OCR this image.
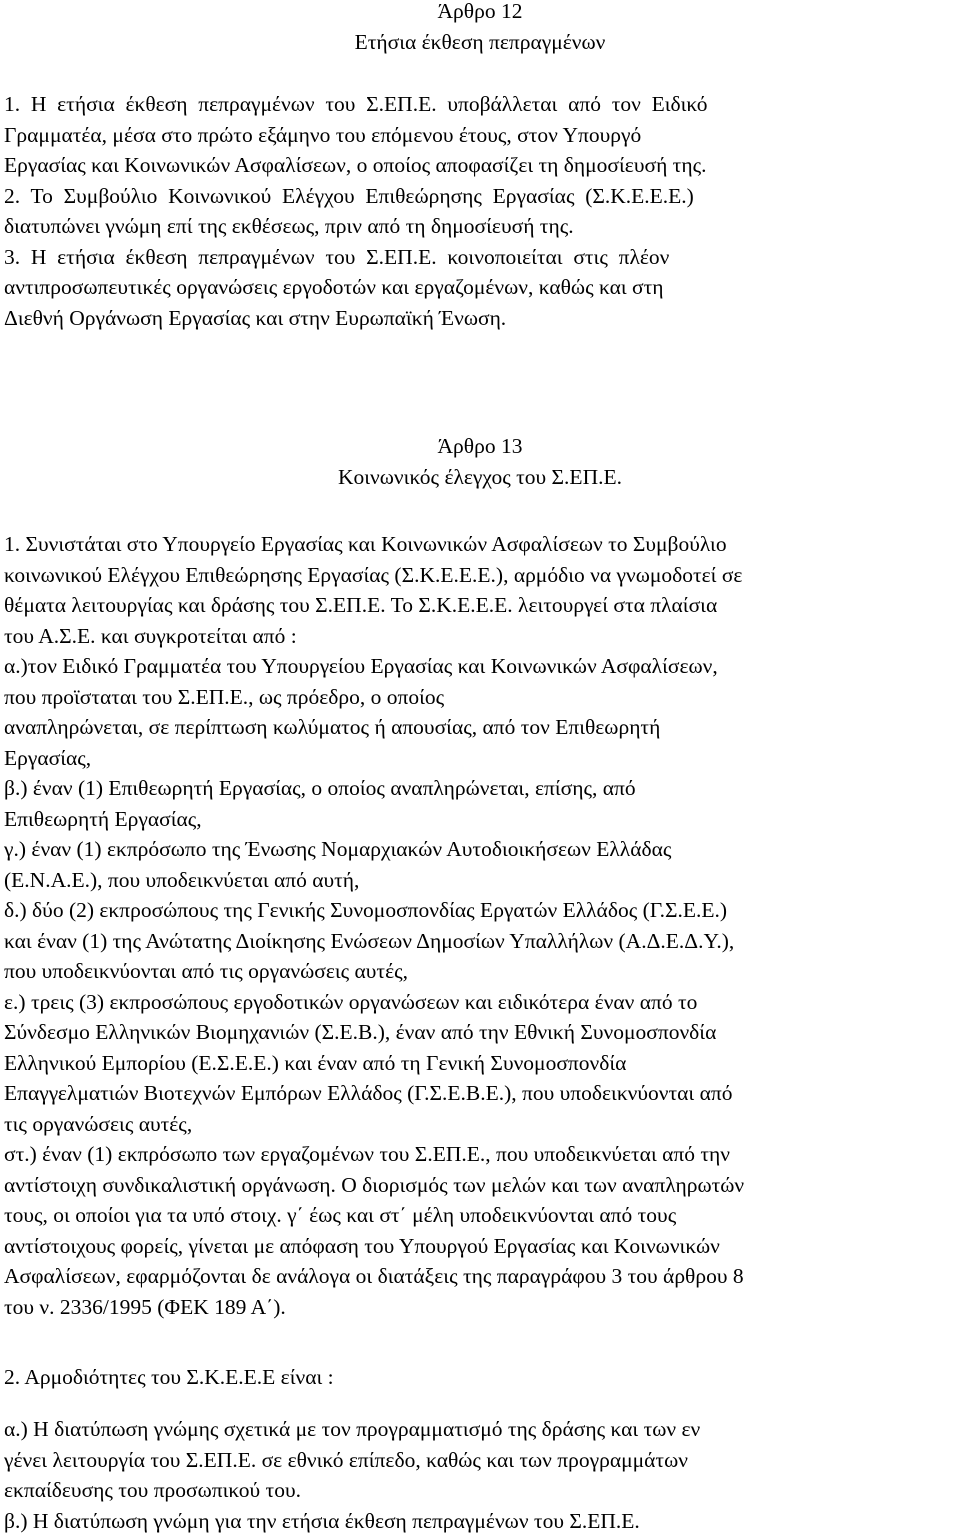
Άρθρο 12

Ετήσια έκθεση πεπραγμένων

1.  Η  ετήσια  έκθεση  πεπραγμένων  του  Σ.ΕΠ.Ε.  υποβάλλεται  από  τον  Ειδικό

Γραμματέα, μέσα στο πρώτο εξάμηνο του επόμενου έτους, στον Υπουργό

Εργασίας και Κοινωνικών Ασφαλίσεων, ο οποίος αποφασίζει τη δημοσίευσή της.

2.  Το  Συμβούλιο  Κοινωνικού  Ελέγχου  Επιθεώρησης  Εργασίας  (Σ.Κ.Ε.Ε.Ε.)

διατυπώνει γνώμη επί της εκθέσεως, πριν από τη δημοσίευσή της.

3.  Η  ετήσια  έκθεση  πεπραγμένων  του  Σ.ΕΠ.Ε.  κοινοποιείται  στις  πλέον

αντιπροσωπευτικές οργανώσεις εργοδοτών και εργαζομένων, καθώς και στη

Διεθνή Οργάνωση Εργασίας και στην Ευρωπαϊκή Ένωση.

Άρθρο 13

Κοινωνικός έλεγχος του Σ.ΕΠ.Ε.

1. Συνιστάται στο Υπουργείο Εργασίας και Κοινωνικών Ασφαλίσεων το Συμβούλιο

κοινωνικού Ελέγχου Επιθεώρησης Εργασίας (Σ.Κ.Ε.Ε.Ε.), αρμόδιο να γνωμοδοτεί σε

θέματα λειτουργίας και δράσης του Σ.ΕΠ.Ε. Το Σ.Κ.Ε.Ε.Ε. λειτουργεί στα πλαίσια

του Α.Σ.Ε. και συγκροτείται από :

α.)τον Ειδικό Γραμματέα του Υπουργείου Εργασίας και Κοινωνικών Ασφαλίσεων,

που προϊσταται του Σ.ΕΠ.Ε., ως πρόεδρο, ο οποίος

αναπληρώνεται, σε περίπτωση κωλύματος ή απουσίας, από τον Επιθεωρητή

Εργασίας,

β.) έναν (1) Επιθεωρητή Εργασίας, ο οποίος αναπληρώνεται, επίσης, από

Επιθεωρητή Εργασίας,

γ.) έναν (1) εκπρόσωπο της Ένωσης Νομαρχιακών Αυτοδιοικήσεων Ελλάδας

(Ε.Ν.Α.Ε.), που υποδεικνύεται από αυτή,

δ.) δύο (2) εκπροσώπους της Γενικής Συνομοσπονδίας Εργατών Ελλάδος (Γ.Σ.Ε.Ε.)

και έναν (1) της Ανώτατης Διοίκησης Ενώσεων Δημοσίων Υπαλλήλων (Α.Δ.Ε.Δ.Υ.),

που υποδεικνύονται από τις οργανώσεις αυτές,

ε.) τρεις (3) εκπροσώπους εργοδοτικών οργανώσεων και ειδικότερα έναν από το

Σύνδεσμο Ελληνικών Βιομηχανιών (Σ.Ε.Β.), έναν από την Εθνική Συνομοσπονδία

Ελληνικού Εμπορίου (Ε.Σ.Ε.Ε.) και έναν από τη Γενική Συνομοσπονδία

Επαγγελματιών Βιοτεχνών Εμπόρων Ελλάδος (Γ.Σ.Ε.Β.Ε.), που υποδεικνύονται από

τις οργανώσεις αυτές,

στ.) έναν (1) εκπρόσωπο των εργαζομένων του Σ.ΕΠ.Ε., που υποδεικνύεται από την

αντίστοιχη συνδικαλιστική οργάνωση. Ο διορισμός των μελών και των αναπληρωτών

τους, οι οποίοι για τα υπό στοιχ. γ΄ έως και στ΄ μέλη υποδεικνύονται από τους

αντίστοιχους φορείς, γίνεται με απόφαση του Υπουργού Εργασίας και Κοινωνικών

Ασφαλίσεων, εφαρμόζονται δε ανάλογα οι διατάξεις της παραγράφου 3 του άρθρου 8

του ν. 2336/1995 (ΦΕΚ 189 Α΄).

2. Αρμοδιότητες του Σ.Κ.Ε.Ε.Ε είναι :

α.) Η διατύπωση γνώμης σχετικά με τον προγραμματισμό της δράσης και των εν

γένει λειτουργία του Σ.ΕΠ.Ε. σε εθνικό επίπεδο, καθώς και των προγραμμάτων

εκπαίδευσης του προσωπικού του.

β.) Η διατύπωση γνώμη για την ετήσια έκθεση πεπραγμένων του Σ.ΕΠ.Ε.
